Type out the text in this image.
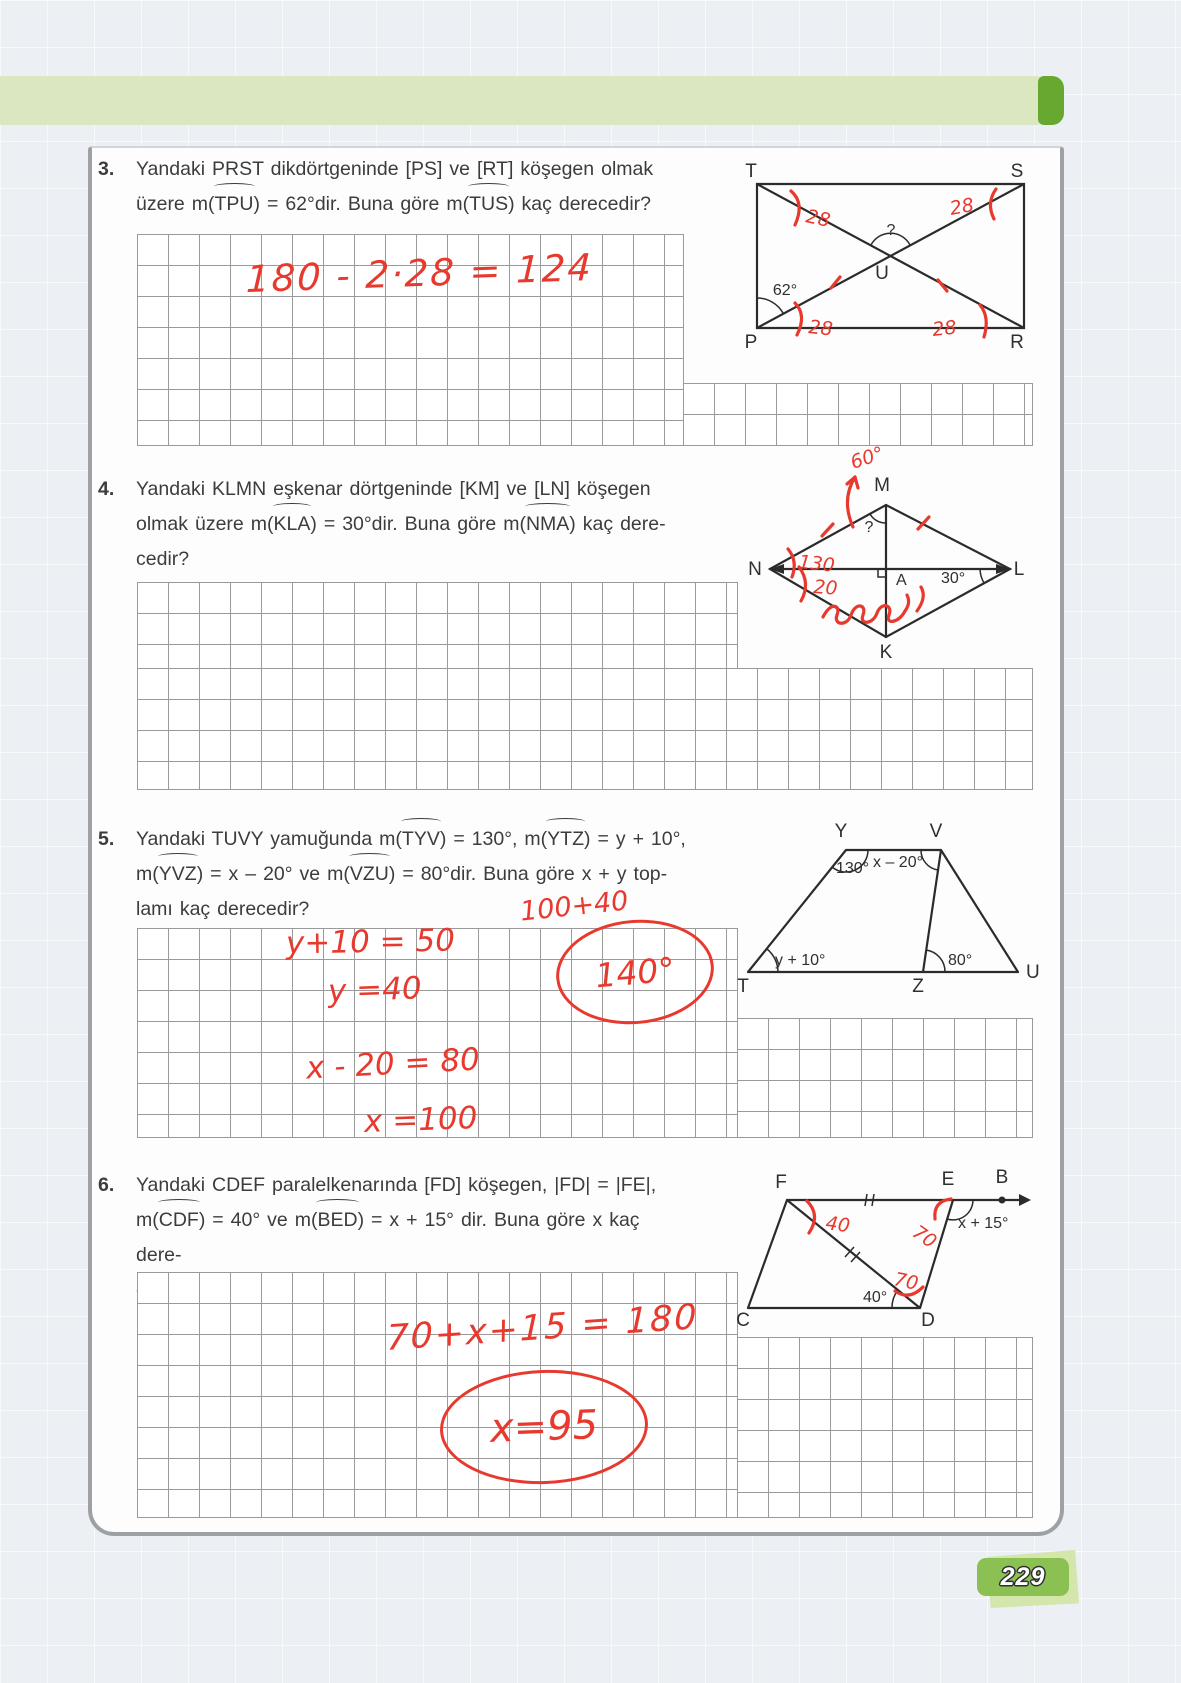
3.	Yandaki PRST dikdörtgeninde [PS] ve [RT] köşegen olmak
üzere m(TPU) = 62°dir. Buna göre m(TUS) kaç derecedir?
T	S
P	R
U
?
62°
28	28
28	28
180 - 2·28 = 124
4.	Yandaki KLMN eşkenar dörtgeninde [KM] ve [LN] köşegen
olmak üzere m(KLA) = 30°dir. Buna göre m(NMA) kaç dere-
cedir?
M
N	L
K
A
?
30°
60°
130
20
5.	Yandaki TUVY yamuğunda m(TYV) = 130°, m(YTZ) = y + 10°,
m(YVZ) = x – 20° ve m(VZU) = 80°dir. Buna göre x + y top-
lamı kaç derecedir?
Y	V
T
U
Z
130° x – 20°
y + 10°	80°
100+40
y+10 = 50
y =40
x - 20 = 80
x =100
140°
6.	Yandaki CDEF paralelkenarında [FD] köşegen, |FD| = |FE|,
m(CDF) = 40° ve m(BED) = x + 15° dir. Buna göre x kaç dere-

F	E B
C	D
x + 15°
40°
40	70
70
70+x+15 = 180
x=95
229
